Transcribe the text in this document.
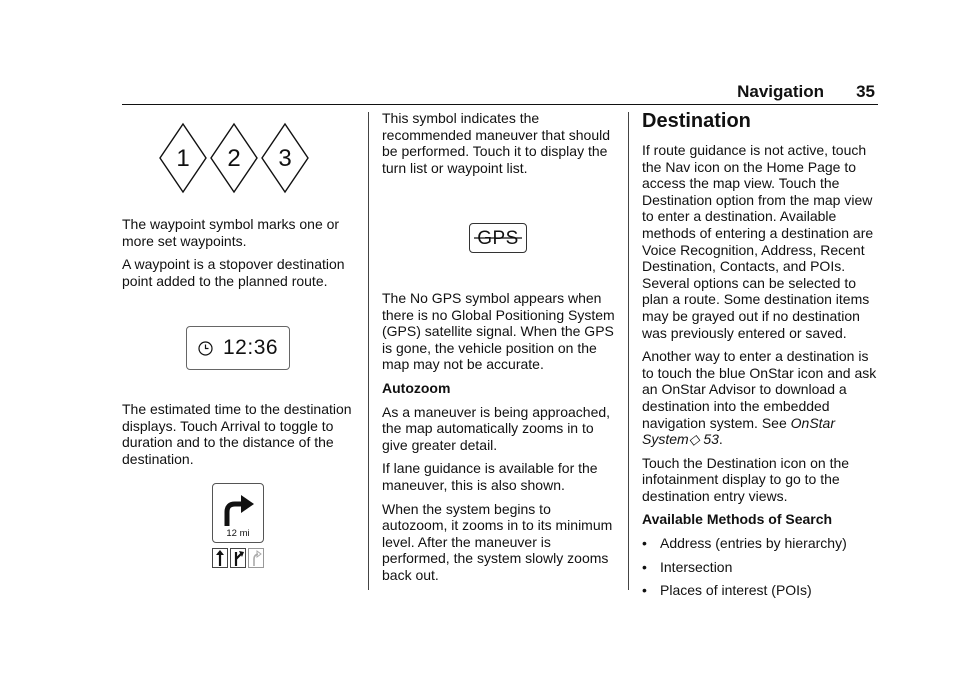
Navigation 35
1 2 3

The waypoint symbol marks one or more set waypoints.

A waypoint is a stopover destination point added to the planned route.

12:36

The estimated time to the destination displays. Touch Arrival to toggle to duration and to the distance of the destination.

12 mi

This symbol indicates the recommended maneuver that should be performed. Touch it to display the turn list or waypoint list.

GPS

The No GPS symbol appears when there is no Global Positioning System (GPS) satellite signal. When the GPS is gone, the vehicle position on the map may not be accurate.

Autozoom

As a maneuver is being approached, the map automatically zooms in to give greater detail.

If lane guidance is available for the maneuver, this is also shown.

When the system begins to autozoom, it zooms in to its minimum level. After the maneuver is performed, the system slowly zooms back out.

Destination

If route guidance is not active, touch the Nav icon on the Home Page to access the map view. Touch the Destination option from the map view to enter a destination. Available methods of entering a destination are Voice Recognition, Address, Recent Destination, Contacts, and POIs. Several options can be selected to plan a route. Some destination items may be grayed out if no destination was previously entered or saved.

Another way to enter a destination is to touch the blue OnStar icon and ask an OnStar Advisor to download a destination into the embedded navigation system. See OnStar System◇ 53.

Touch the Destination icon on the infotainment display to go to the destination entry views.

Available Methods of Search

• Address (entries by hierarchy)
• Intersection
• Places of interest (POIs)
